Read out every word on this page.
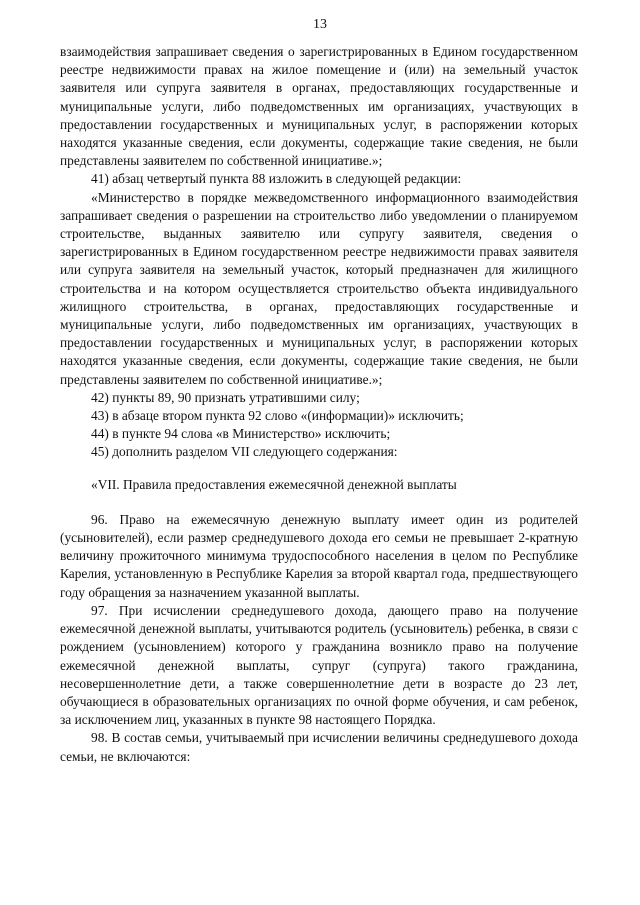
13

взаимодействия запрашивает сведения о зарегистрированных в Едином государственном реестре недвижимости правах на жилое помещение и (или) на земельный участок заявителя или супруга заявителя в органах, предоставляющих государственные и муниципальные услуги, либо подведомственных им организациях, участвующих в предоставлении государственных и муниципальных услуг, в распоряжении которых находятся указанные сведения, если документы, содержащие такие сведения, не были представлены заявителем по собственной инициативе.»;

41) абзац четвертый пункта 88 изложить в следующей редакции:

«Министерство в порядке межведомственного информационного взаимодействия запрашивает сведения о разрешении на строительство либо уведомлении о планируемом строительстве, выданных заявителю или супругу заявителя, сведения о зарегистрированных в Едином государственном реестре недвижимости правах заявителя или супруга заявителя на земельный участок, который предназначен для жилищного строительства и на котором осуществляется строительство объекта индивидуального жилищного строительства, в органах, предоставляющих государственные и муниципальные услуги, либо подведомственных им организациях, участвующих в предоставлении государственных и муниципальных услуг, в распоряжении которых находятся указанные сведения, если документы, содержащие такие сведения, не были представлены заявителем по собственной инициативе.»;

42) пункты 89, 90 признать утратившими силу;

43) в абзаце втором пункта 92 слово «(информации)» исключить;

44) в пункте 94 слова «в Министерство» исключить;

45) дополнить разделом VII следующего содержания:

«VII. Правила предоставления ежемесячной денежной выплаты

96. Право на ежемесячную денежную выплату имеет один из родителей (усыновителей), если размер среднедушевого дохода его семьи не превышает 2-кратную величину прожиточного минимума трудоспособного населения в целом по Республике Карелия, установленную в Республике Карелия за второй квартал года, предшествующего году обращения за назначением указанной выплаты.

97. При исчислении среднедушевого дохода, дающего право на получение ежемесячной денежной выплаты, учитываются родитель (усыновитель) ребенка, в связи с рождением (усыновлением) которого у гражданина возникло право на получение ежемесячной денежной выплаты, супруг (супруга) такого гражданина, несовершеннолетние дети, а также совершеннолетние дети в возрасте до 23 лет, обучающиеся в образовательных организациях по очной форме обучения, и сам ребенок, за исключением лиц, указанных в пункте 98 настоящего Порядка.

98. В состав семьи, учитываемый при исчислении величины среднедушевого дохода семьи, не включаются:
